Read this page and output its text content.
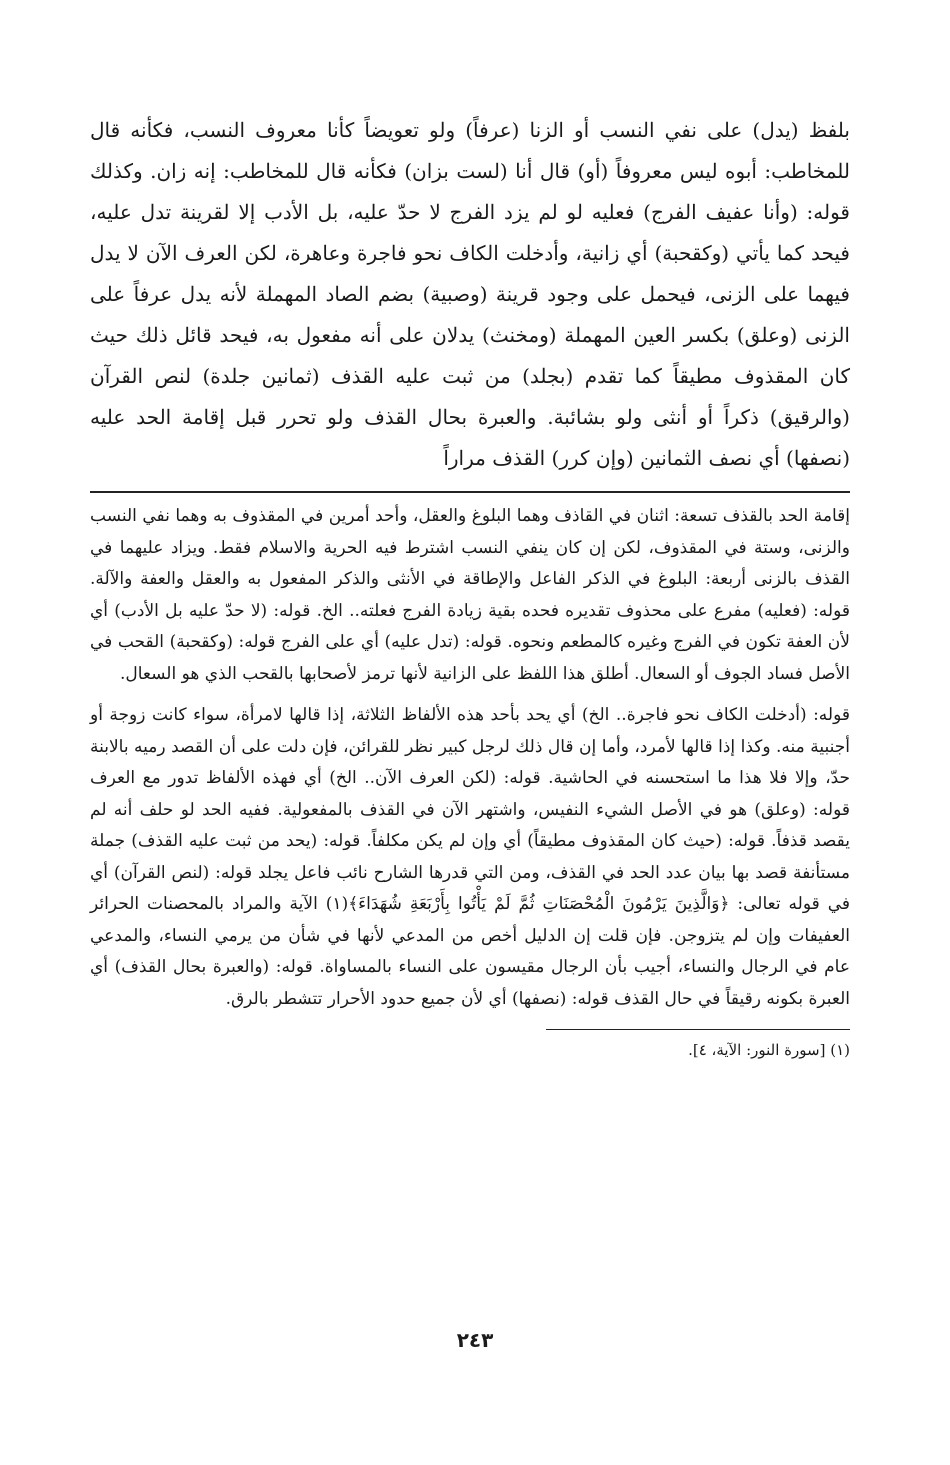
بلفظ (يدل) على نفي النسب أو الزنا (عرفاً) ولو تعويضاً كأنا معروف النسب، فكأنه قال للمخاطب: أبوه ليس معروفاً (أو) قال أنا (لست بزان) فكأنه قال للمخاطب: إنه زان. وكذلك قوله: (وأنا عفيف الفرج) فعليه لو لم يزد الفرج لا حدّ عليه، بل الأدب إلا لقرينة تدل عليه، فيحد كما يأتي (وكقحبة) أي زانية، وأدخلت الكاف نحو فاجرة وعاهرة، لكن العرف الآن لا يدل فيهما على الزنى، فيحمل على وجود قرينة (وصبية) بضم الصاد المهملة لأنه يدل عرفاً على الزنى (وعلق) بكسر العين المهملة (ومخنث) يدلان على أنه مفعول به، فيحد قائل ذلك حيث كان المقذوف مطيقاً كما تقدم (بجلد) من ثبت عليه القذف (ثمانين جلدة) لنص القرآن (والرقيق) ذكراً أو أنثى ولو بشائبة. والعبرة بحال القذف ولو تحرر قبل إقامة الحد عليه (نصفها) أي نصف الثمانين (وإن كرر) القذف مراراً

إقامة الحد بالقذف تسعة: اثنان في القاذف وهما البلوغ والعقل، وأحد أمرين في المقذوف به وهما نفي النسب والزنى، وستة في المقذوف، لكن إن كان ينفي النسب اشترط فيه الحرية والاسلام فقط. ويزاد عليهما في القذف بالزنى أربعة: البلوغ في الذكر الفاعل والإطاقة في الأنثى والذكر المفعول به والعقل والعفة والآلة. قوله: (فعليه) مفرع على محذوف تقديره فحده بقية زيادة الفرج فعلته.. الخ. قوله: (لا حدّ عليه بل الأدب) أي لأن العفة تكون في الفرج وغيره كالمطعم ونحوه. قوله: (تدل عليه) أي على الفرج قوله: (وكقحبة) القحب في الأصل فساد الجوف أو السعال. أطلق هذا اللفظ على الزانية لأنها ترمز لأصحابها بالقحب الذي هو السعال.

قوله: (أدخلت الكاف نحو فاجرة.. الخ) أي يحد بأحد هذه الألفاظ الثلاثة، إذا قالها لامرأة، سواء كانت زوجة أو أجنبية منه. وكذا إذا قالها لأمرد، وأما إن قال ذلك لرجل كبير نظر للقرائن، فإن دلت على أن القصد رميه بالابنة حدّ، وإلا فلا هذا ما استحسنه في الحاشية. قوله: (لكن العرف الآن.. الخ) أي فهذه الألفاظ تدور مع العرف قوله: (وعلق) هو في الأصل الشيء النفيس، واشتهر الآن في القذف بالمفعولية. ففيه الحد لو حلف أنه لم يقصد قذفاً. قوله: (حيث كان المقذوف مطيقاً) أي وإن لم يكن مكلفاً. قوله: (يحد من ثبت عليه القذف) جملة مستأنفة قصد بها بيان عدد الحد في القذف، ومن التي قدرها الشارح نائب فاعل يجلد قوله: (لنص القرآن) أي في قوله تعالى: ﴿وَالَّذِينَ يَرْمُونَ الْمُحْصَنَاتِ ثُمَّ لَمْ يَأْتُوا بِأَرْبَعَةِ شُهَدَاءَ﴾(١) الآية والمراد بالمحصنات الحرائر العفيفات وإن لم يتزوجن. فإن قلت إن الدليل أخص من المدعي لأنها في شأن من يرمي النساء، والمدعي عام في الرجال والنساء، أجيب بأن الرجال مقيسون على النساء بالمساواة. قوله: (والعبرة بحال القذف) أي العبرة بكونه رقيقاً في حال القذف قوله: (نصفها) أي لأن جميع حدود الأحرار تتشطر بالرق.

(١) [سورة النور: الآية، ٤].
٢٤٣
